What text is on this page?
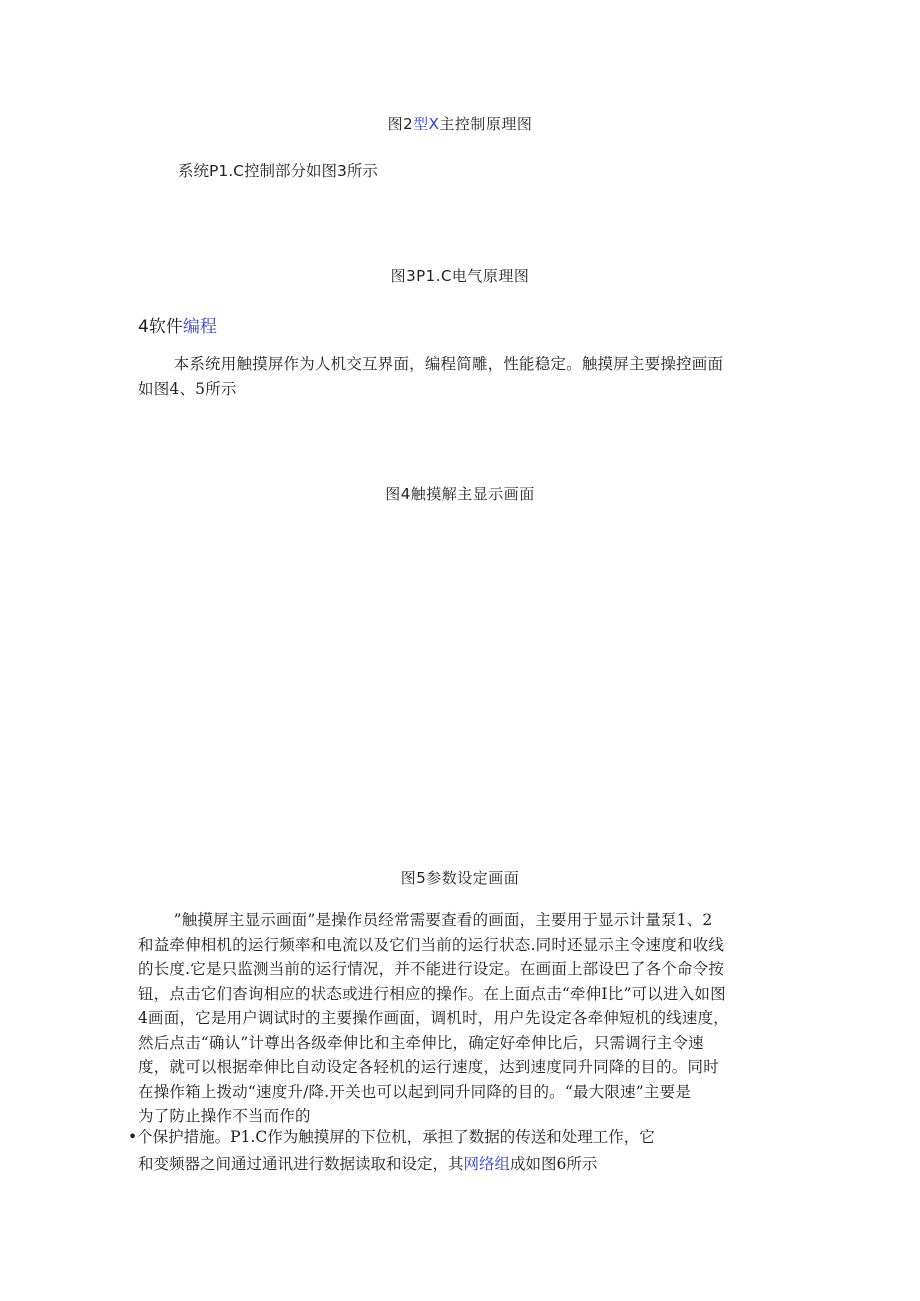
图2型X主控制原理图
系统P1.C控制部分如图3所示
图3P1.C电气原理图
4软件编程

本系统用触摸屏作为人机交互界面，编程简雕，性能稳定。触摸屏主要操控画面

如图4、5所示

图4触摸解主显示画面
图5参数设定画面

”触摸屏主显示画面”是操作员经常需要查看的画面，主要用于显示计量泵1、2

和益牵伸相机的运行频率和电流以及它们当前的运行状态.同时还显示主令速度和收线

的长度.它是只监测当前的运行情况，并不能进行设定。在画面上部设巴了各个命令按

钮，点击它们杳询相应的状态或进行相应的操作。在上面点击“牵伸I比”可以进入如图

4画面，它是用户调试时的主要操作画面，调机时，用户先设定各牵伸短机的线速度，

然后点击“确认”计尊出各级牵伸比和主牵伸比，确定好牵伸比后，只需调行主令速

度，就可以根据牵伸比自动设定各轻机的运行速度，达到速度同升同降的目的。同时

在操作箱上拨动“速度升/降.开关也可以起到同升同降的目的。“最大限速”主要是

为了防止操作不当而作的

•个保护措施。P1.C作为触摸屏的下位机，承担了数据的传送和处理工作，它
和变频器之间通过通讯进行数据读取和设定，其网络组成如图6所示
